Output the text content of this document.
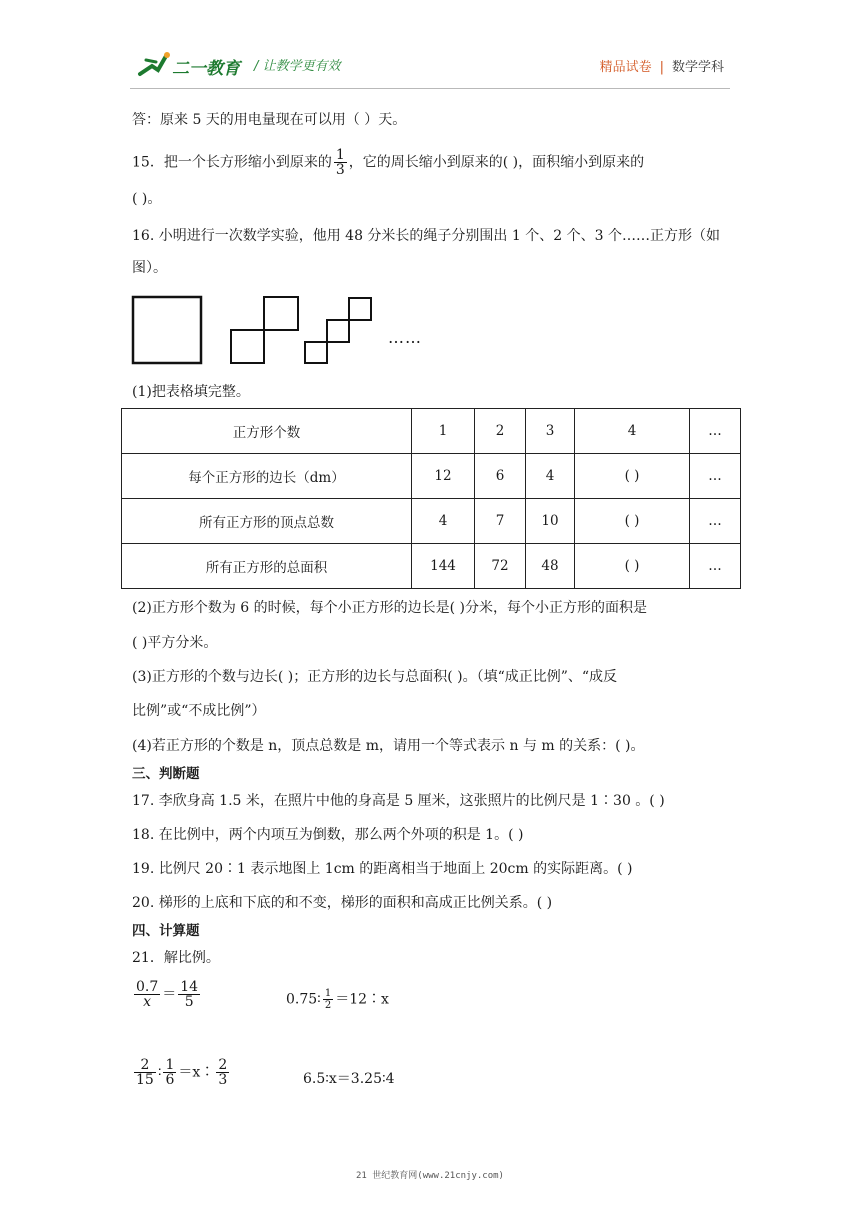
二一教育 / 让教学更有效	精品试卷 | 数学学科
答：原来 5 天的用电量现在可以用（ ）天。
15．把一个长方形缩小到原来的 $\frac{1}{3}$ ，它的周长缩小到原来的( )，面积缩小到原来的
( )。
16. 小明进行一次数学实验，他用 48 分米长的绳子分别围出 1 个、2 个、3 个……正方形（如
图）。
……
(1)把表格填完整。
正方形个数	1	2	3	4	…
每个正方形的边长（dm）	12	6	4	( )	…
所有正方形的顶点总数	4	7	10	( )	…
所有正方形的总面积	144	72	48	( )	…
(2)正方形个数为 6 的时候，每个小正方形的边长是( )分米，每个小正方形的面积是
( )平方分米。
(3)正方形的个数与边长( )；正方形的边长与总面积( )。（填“成正比例”、“成反
比例”或“不成比例”）
(4)若正方形的个数是 n，顶点总数是 m，请用一个等式表示 n 与 m 的关系：( )。
三、判断题
17. 李欣身高 1.5 米，在照片中他的身高是 5 厘米，这张照片的比例尺是 1∶30 。( )
18. 在比例中，两个内项互为倒数，那么两个外项的积是 1。( )
19. 比例尺 20∶1 表示地图上 1cm 的距离相当于地面上 20cm 的实际距离。( )
20. 梯形的上底和下底的和不变，梯形的面积和高成正比例关系。( )
四、计算题
21．解比例。
$\frac{0.7}{x} = \frac{14}{5}$	0.75∶ $\frac{1}{2}$ ＝12∶x
$\frac{2}{15}$ ∶ $\frac{1}{6}$ ＝x∶ $\frac{2}{3}$	6.5∶x＝3.25∶4
21 世纪教育网(www.21cnjy.com)
